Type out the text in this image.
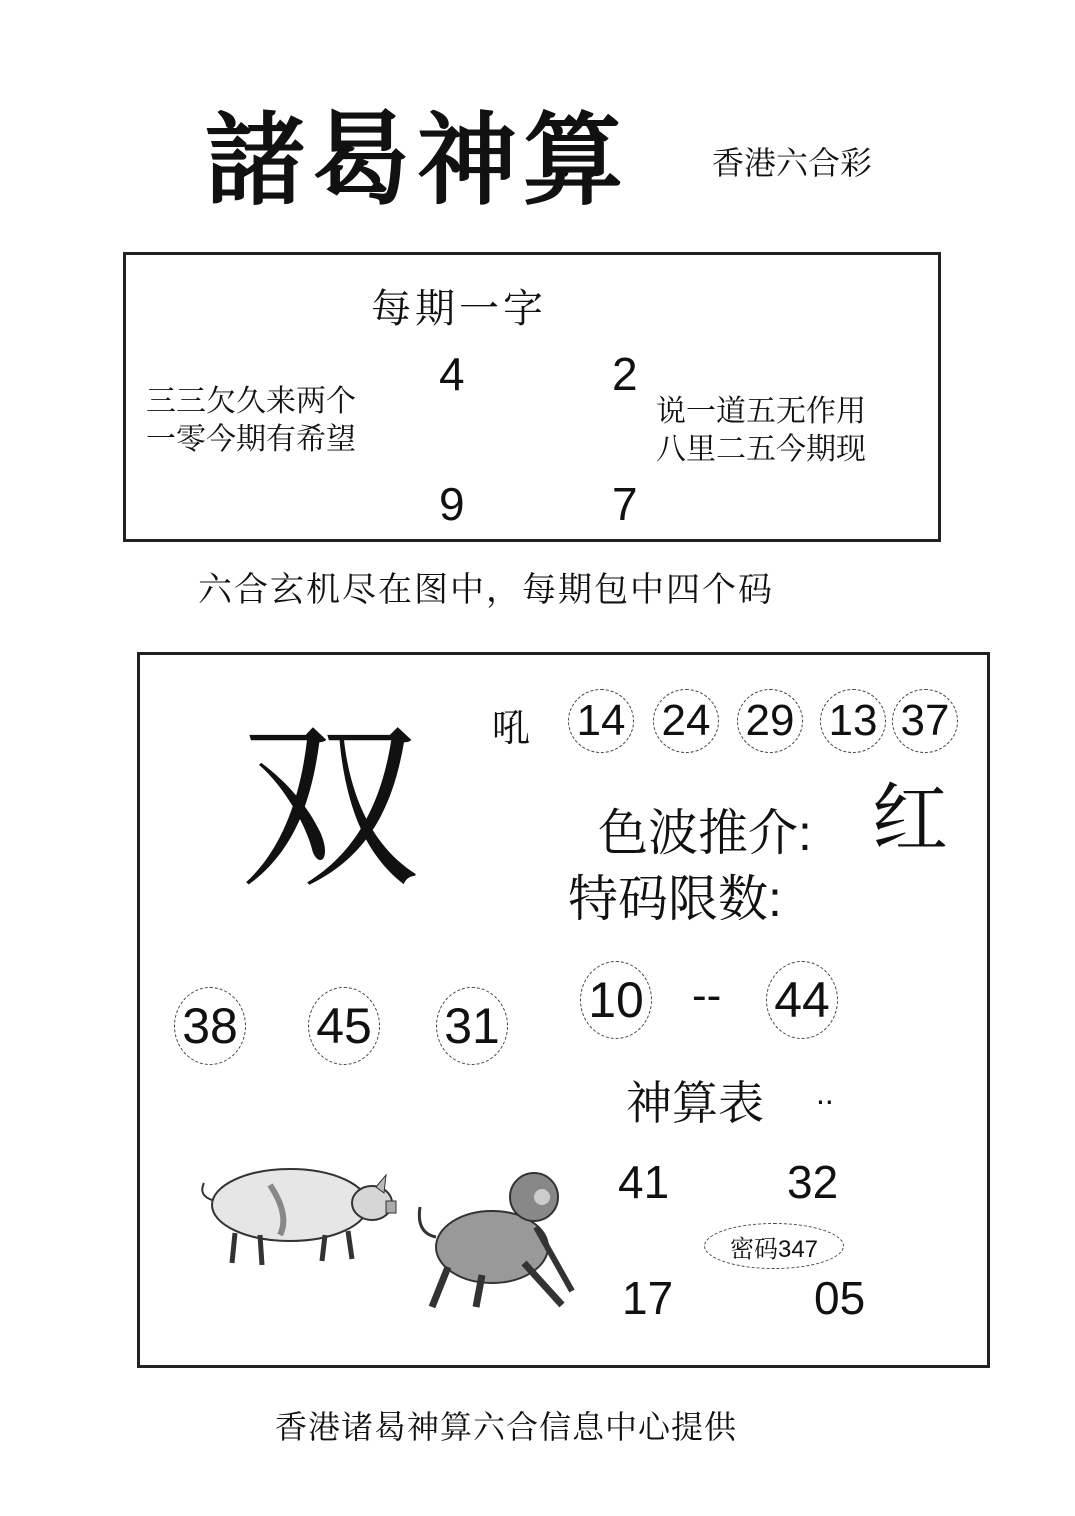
諸曷神算	香港六合彩
每期一字
4	2
9	7
三三欠久来两个
一零今期有希望
说一道五无作用
八里二五今期现
六合玄机尽在图中，每期包中四个码
吼 14 24 29 13 37
双	色波推介: 红
特码限数:
38 45 31 10 -- 44
神算表 ..
41	32
17	05
密码347
香港诸曷神算六合信息中心提供
